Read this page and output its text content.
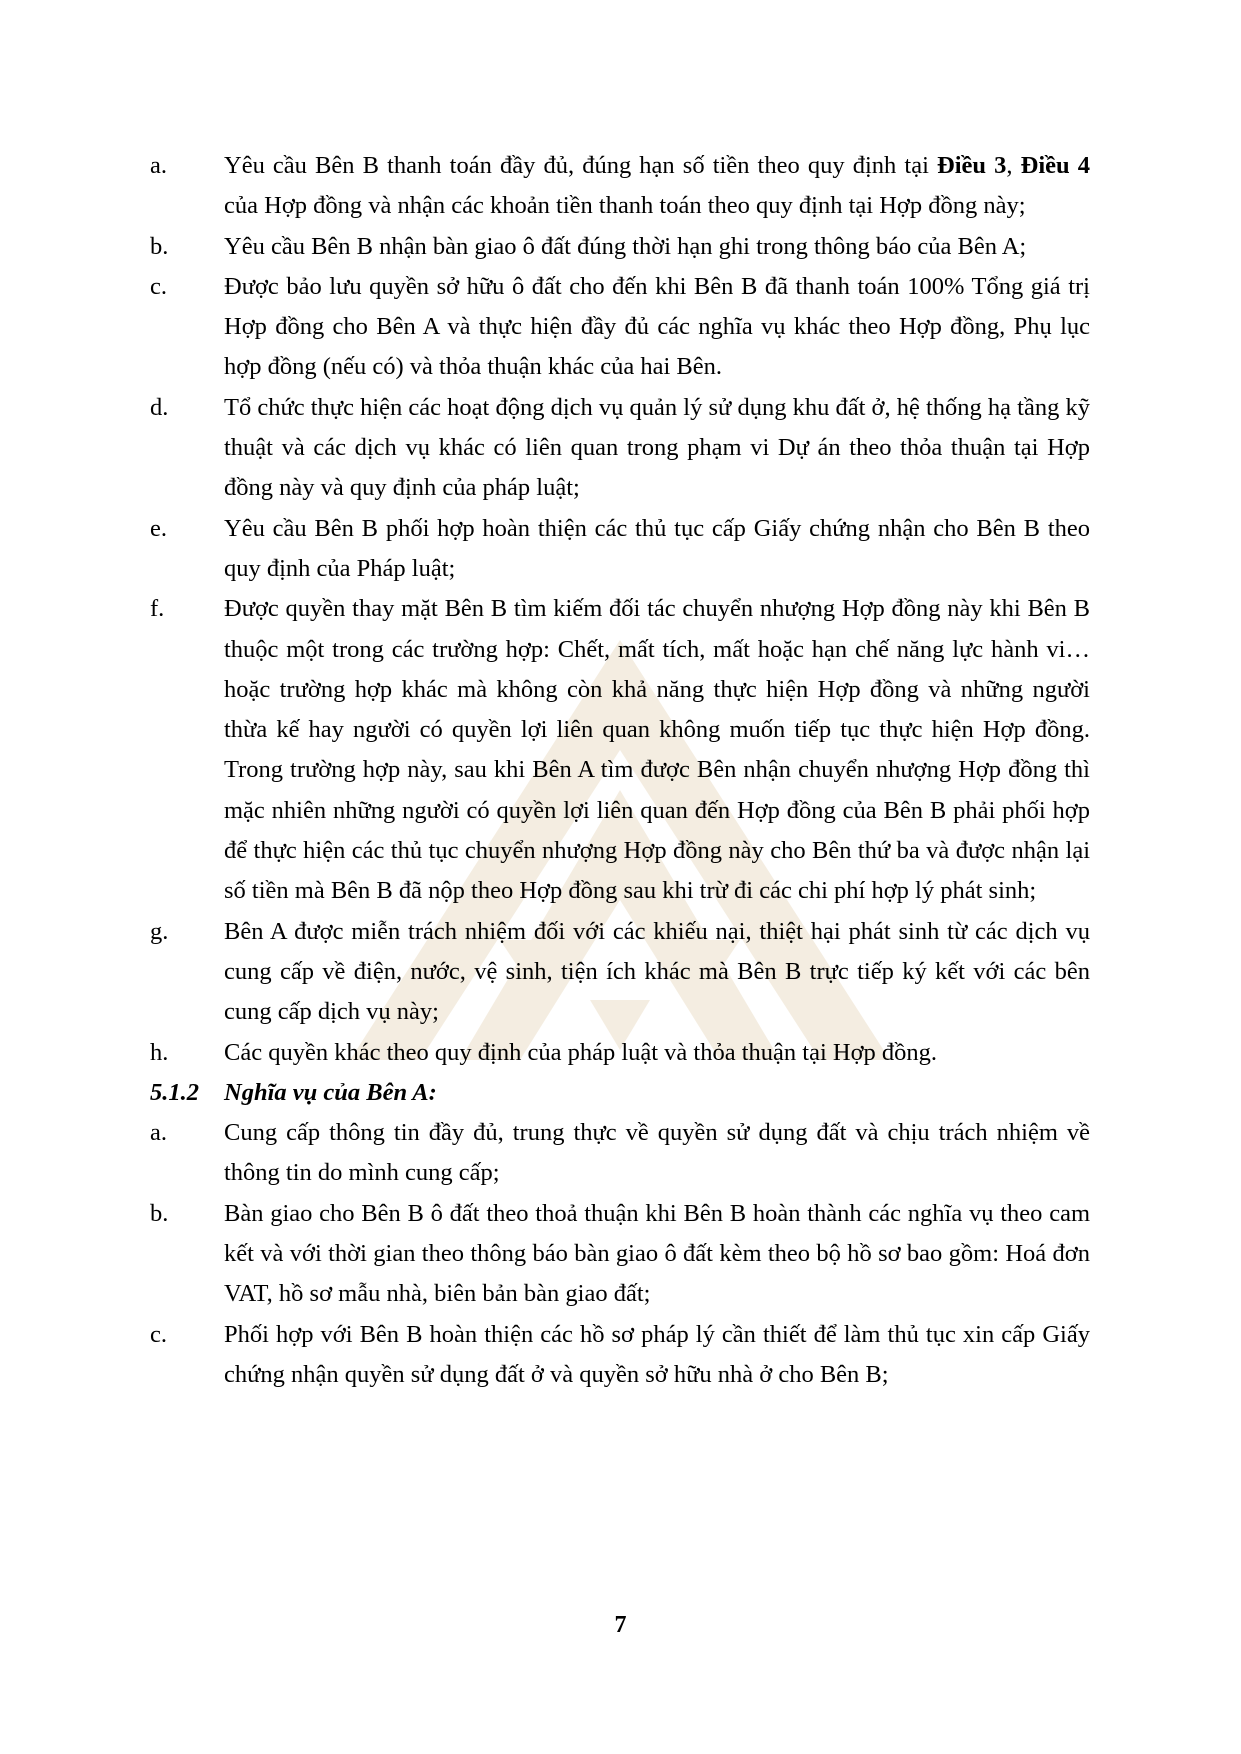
a.	Yêu cầu Bên B thanh toán đầy đủ, đúng hạn số tiền theo quy định tại Điều 3, Điều 4 của Hợp đồng và nhận các khoản tiền thanh toán theo quy định tại Hợp đồng này;
b.	Yêu cầu Bên B nhận bàn giao ô đất đúng thời hạn ghi trong thông báo của Bên A;
c.	Được bảo lưu quyền sở hữu ô đất cho đến khi Bên B đã thanh toán 100% Tổng giá trị Hợp đồng cho Bên A và thực hiện đầy đủ các nghĩa vụ khác theo Hợp đồng, Phụ lục hợp đồng (nếu có) và thỏa thuận khác của hai Bên.
d.	Tổ chức thực hiện các hoạt động dịch vụ quản lý sử dụng khu đất ở, hệ thống hạ tầng kỹ thuật và các dịch vụ khác có liên quan trong phạm vi Dự án theo thỏa thuận tại Hợp đồng này và quy định của pháp luật;
e.	Yêu cầu Bên B phối hợp hoàn thiện các thủ tục cấp Giấy chứng nhận cho Bên B theo quy định của Pháp luật;
f.	Được quyền thay mặt Bên B tìm kiếm đối tác chuyển nhượng Hợp đồng này khi Bên B thuộc một trong các trường hợp: Chết, mất tích, mất hoặc hạn chế năng lực hành vi… hoặc trường hợp khác mà không còn khả năng thực hiện Hợp đồng và những người thừa kế hay người có quyền lợi liên quan không muốn tiếp tục thực hiện Hợp đồng. Trong trường hợp này, sau khi Bên A tìm được Bên nhận chuyển nhượng Hợp đồng thì mặc nhiên những người có quyền lợi liên quan đến Hợp đồng của Bên B phải phối hợp để thực hiện các thủ tục chuyển nhượng Hợp đồng này cho Bên thứ ba và được nhận lại số tiền mà Bên B đã nộp theo Hợp đồng sau khi trừ đi các chi phí hợp lý phát sinh;
g.	Bên A được miễn trách nhiệm đối với các khiếu nại, thiệt hại phát sinh từ các dịch vụ cung cấp về điện, nước, vệ sinh, tiện ích khác mà Bên B trực tiếp ký kết với các bên cung cấp dịch vụ này;
h.	Các quyền khác theo quy định của pháp luật và thỏa thuận tại Hợp đồng.
5.1.2	Nghĩa vụ của Bên A:
a.	Cung cấp thông tin đầy đủ, trung thực về quyền sử dụng đất và chịu trách nhiệm về thông tin do mình cung cấp;
b.	Bàn giao cho Bên B ô đất theo thoả thuận khi Bên B hoàn thành các nghĩa vụ theo cam kết và với thời gian theo thông báo bàn giao ô đất kèm theo bộ hồ sơ bao gồm: Hoá đơn VAT, hồ sơ mẫu nhà, biên bản bàn giao đất;
c.	Phối hợp với Bên B hoàn thiện các hồ sơ pháp lý cần thiết để làm thủ tục xin cấp Giấy chứng nhận quyền sử dụng đất ở và quyền sở hữu nhà ở cho Bên B;
7
